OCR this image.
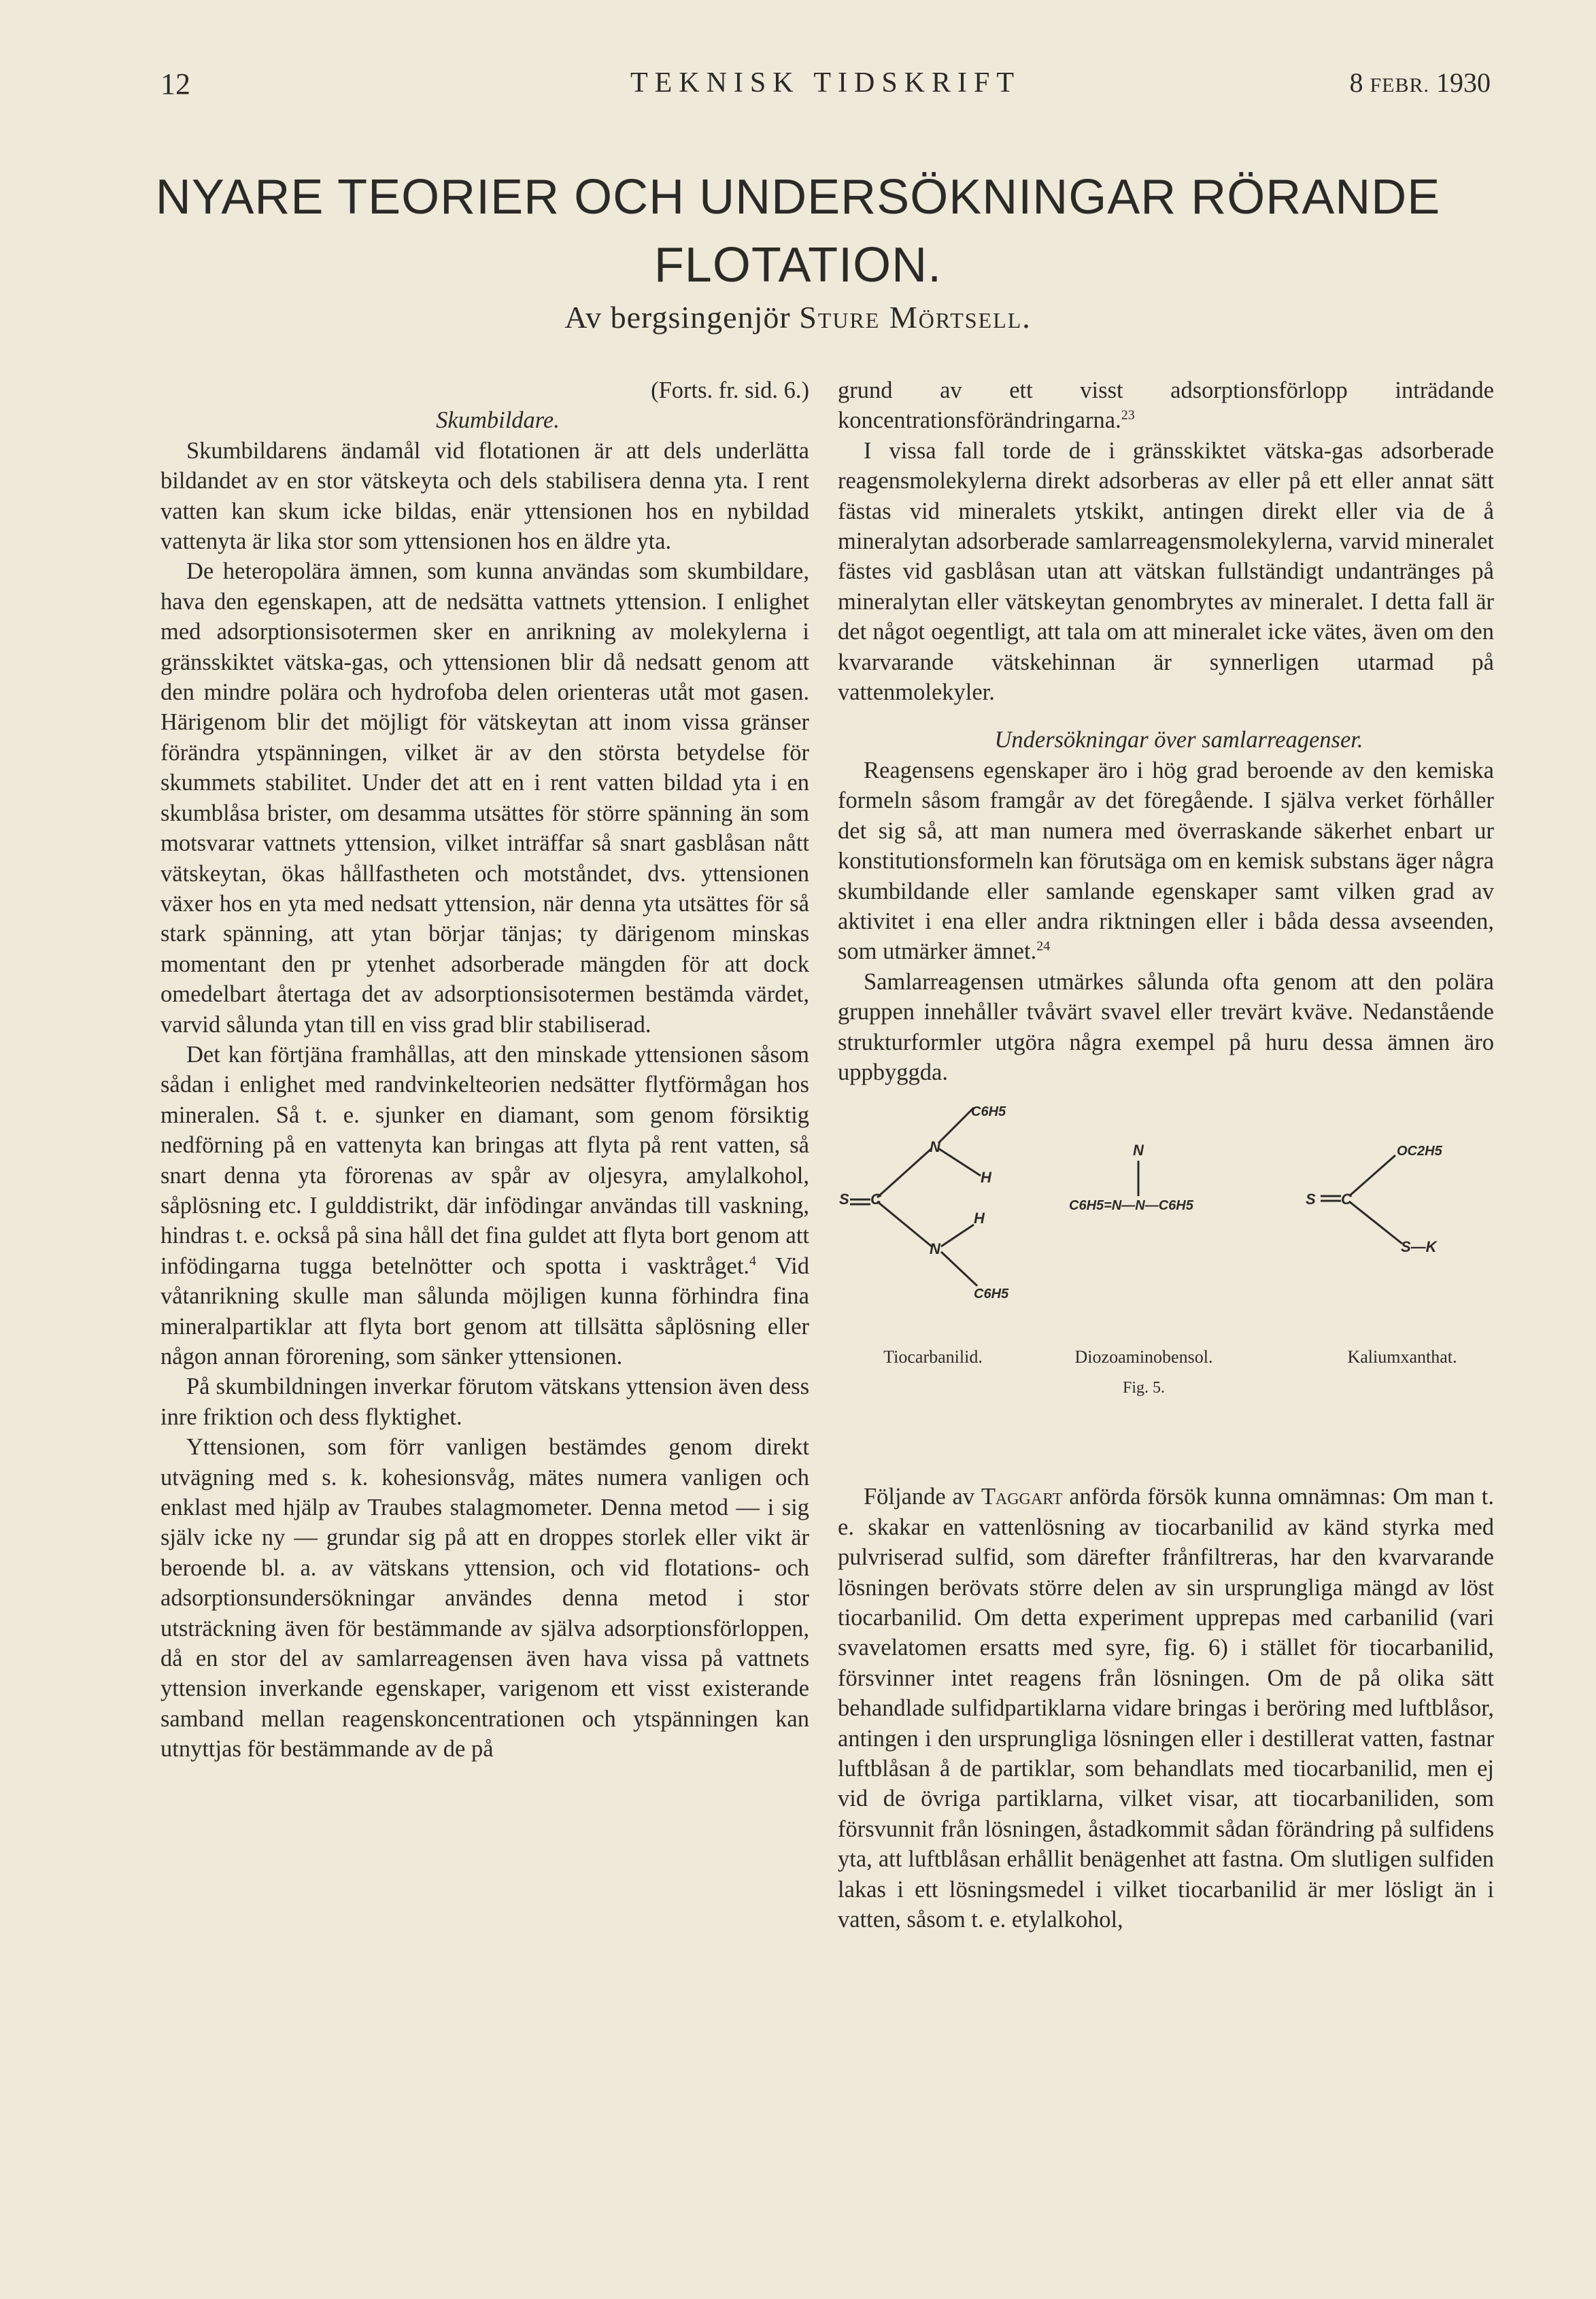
12	TEKNISK TIDSKRIFT	8 FEBR. 1930
NYARE TEORIER OCH UNDERSÖKNINGAR RÖRANDE
FLOTATION.
Av bergsingenjör Sture Mörtsell.

(Forts. fr. sid. 6.)

Skumbildare.

Skumbildarens ändamål vid flotationen är att dels underlätta bildandet av en stor vätskeyta och dels stabilisera denna yta. I rent vatten kan skum icke bildas, enär yttensionen hos en nybildad vattenyta är lika stor som yttensionen hos en äldre yta.

De heteropolära ämnen, som kunna användas som skumbildare, hava den egenskapen, att de nedsätta vattnets yttension. I enlighet med adsorptionsisotermen sker en anrikning av molekylerna i gränsskiktet vätska-gas, och yttensionen blir då nedsatt genom att den mindre polära och hydrofoba delen orienteras utåt mot gasen. Härigenom blir det möjligt för vätskeytan att inom vissa gränser förändra ytspänningen, vilket är av den största betydelse för skummets stabilitet. Under det att en i rent vatten bildad yta i en skumblåsa brister, om desamma utsättes för större spänning än som motsvarar vattnets yttension, vilket inträffar så snart gasblåsan nått vätskeytan, ökas hållfastheten och motståndet, dvs. yttensionen växer hos en yta med nedsatt yttension, när denna yta utsättes för så stark spänning, att ytan börjar tänjas; ty därigenom minskas momentant den pr ytenhet adsorberade mängden för att dock omedelbart återtaga det av adsorptionsisotermen bestämda värdet, varvid sålunda ytan till en viss grad blir stabiliserad.

Det kan förtjäna framhållas, att den minskade yttensionen såsom sådan i enlighet med randvinkelteorien nedsätter flytförmågan hos mineralen. Så t. e. sjunker en diamant, som genom försiktig nedförning på en vattenyta kan bringas att flyta på rent vatten, så snart denna yta förorenas av spår av oljesyra, amylalkohol, såplösning etc. I gulddistrikt, där infödingar användas till vaskning, hindras t. e. också på sina håll det fina guldet att flyta bort genom att infödingarna tugga betelnötter och spotta i vasktråget.$^4$ Vid våtanrikning skulle man sålunda möjligen kunna förhindra fina mineralpartiklar att flyta bort genom att tillsätta såplösning eller någon annan förorening, som sänker yttensionen.

På skumbildningen inverkar förutom vätskans yttension även dess inre friktion och dess flyktighet.

Yttensionen, som förr vanligen bestämdes genom direkt utvägning med s. k. kohesionsvåg, mätes numera vanligen och enklast med hjälp av Traubes stalagmometer. Denna metod — i sig själv icke ny — grundar sig på att en droppes storlek eller vikt är beroende bl. a. av vätskans yttension, och vid flotations- och adsorptionsundersökningar användes denna metod i stor utsträckning även för bestämmande av själva adsorptionsförloppen, då en stor del av samlarreagensen även hava vissa på vattnets yttension inverkande egenskaper, varigenom ett visst existerande samband mellan reagenskoncentrationen och ytspänningen kan utnyttjas för bestämmande av de på

grund av ett visst adsorptionsförlopp inträdande koncentrationsförändringarna.$^{23}$

I vissa fall torde de i gränsskiktet vätska-gas adsorberade reagensmolekylerna direkt adsorberas av eller på ett eller annat sätt fästas vid mineralets ytskikt, antingen direkt eller via de å mineralytan adsorberade samlarreagensmolekylerna, varvid mineralet fästes vid gasblåsan utan att vätskan fullständigt undantränges på mineralytan eller vätskeytan genombrytes av mineralet. I detta fall är det något oegentligt, att tala om att mineralet icke vätes, även om den kvarvarande vätskehinnan är synnerligen utarmad på vattenmolekyler.

Undersökningar över samlarreagenser.

Reagensens egenskaper äro i hög grad beroende av den kemiska formeln såsom framgår av det föregående. I själva verket förhåller det sig så, att man numera med överraskande säkerhet enbart ur konstitutionsformeln kan förutsäga om en kemisk substans äger några skumbildande eller samlande egenskaper samt vilken grad av aktivitet i ena eller andra riktningen eller i båda dessa avseenden, som utmärker ämnet.$^{24}$

Samlarreagensen utmärkes sålunda ofta genom att den polära gruppen innehåller tvåvärt svavel eller trevärt kväve. Nedanstående strukturformler utgöra några exempel på huru dessa ämnen äro uppbyggda.

S C
N
H
C6H5
N
H
C6H5
N
C6H5=N—N—C6H5	S C
OC2H5
S—K
Tiocarbanilid.	Diozoaminobensol.	Kaliumxanthat.
Fig. 5.

Följande av Taggart anförda försök kunna omnämnas: Om man t. e. skakar en vattenlösning av tiocarbanilid av känd styrka med pulvriserad sulfid, som därefter frånfiltreras, har den kvarvarande lösningen berövats större delen av sin ursprungliga mängd av löst tiocarbanilid. Om detta experiment upprepas med carbanilid (vari svavelatomen ersatts med syre, fig. 6) i stället för tiocarbanilid, försvinner intet reagens från lösningen. Om de på olika sätt behandlade sulfidpartiklarna vidare bringas i beröring med luftblåsor, antingen i den ursprungliga lösningen eller i destillerat vatten, fastnar luftblåsan å de partiklar, som behandlats med tiocarbanilid, men ej vid de övriga partiklarna, vilket visar, att tiocarbaniliden, som försvunnit från lösningen, åstadkommit sådan förändring på sulfidens yta, att luftblåsan erhållit benägenhet att fastna. Om slutligen sulfiden lakas i ett lösningsmedel i vilket tiocarbanilid är mer lösligt än i vatten, såsom t. e. etylalkohol,
